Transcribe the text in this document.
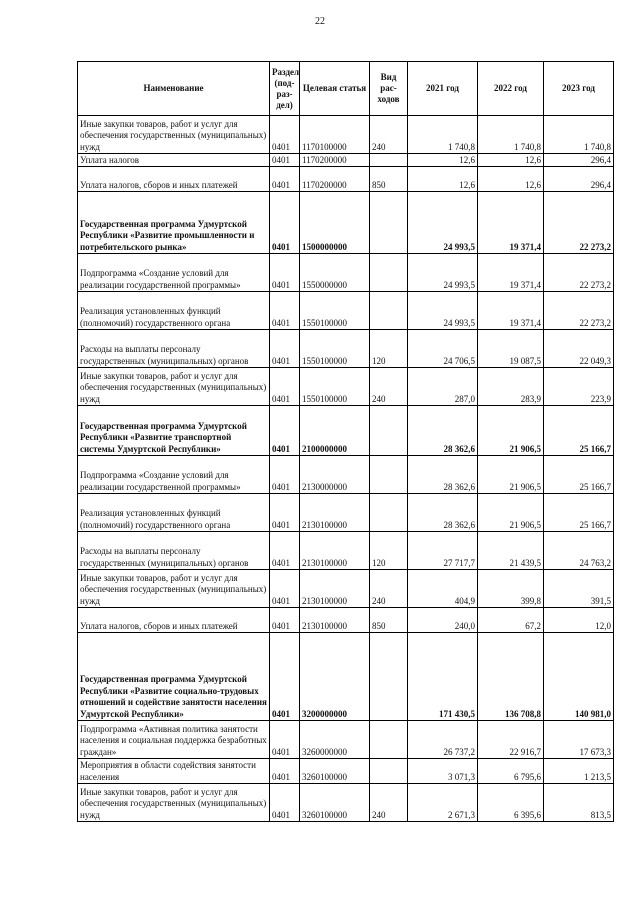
22
Наименование	Раздел (под-раз-дел)	Целевая статья	Вид рас-ходов	2021 год	2022 год	2023 год
Иные закупки товаров, работ и услуг для обеспечения государственных (муниципальных) нужд	0401	1170100000	240	1 740,8	1 740,8	1 740,8
Уплата налогов	0401	1170200000		12,6	12,6	296,4
Уплата налогов, сборов и иных платежей	0401	1170200000	850	12,6	12,6	296,4
Государственная программа Удмуртской Республики «Развитие промышленности и потребительского рынка»	0401	1500000000		24 993,5	19 371,4	22 273,2
Подпрограмма «Создание условий для реализации государственной программы»	0401	1550000000		24 993,5	19 371,4	22 273,2
Реализация установленных функций (полномочий) государственного органа	0401	1550100000		24 993,5	19 371,4	22 273,2
Расходы на выплаты персоналу государственных (муниципальных) органов	0401	1550100000	120	24 706,5	19 087,5	22 049,3
Иные закупки товаров, работ и услуг для обеспечения государственных (муниципальных) нужд	0401	1550100000	240	287,0	283,9	223,9
Государственная программа Удмуртской Республики «Развитие транспортной системы Удмуртской Республики»	0401	2100000000		28 362,6	21 906,5	25 166,7
Подпрограмма «Создание условий для реализации государственной программы»	0401	2130000000		28 362,6	21 906,5	25 166,7
Реализация установленных функций (полномочий) государственного органа	0401	2130100000		28 362,6	21 906,5	25 166,7
Расходы на выплаты персоналу государственных (муниципальных) органов	0401	2130100000	120	27 717,7	21 439,5	24 763,2
Иные закупки товаров, работ и услуг для обеспечения государственных (муниципальных) нужд	0401	2130100000	240	404,9	399,8	391,5
Уплата налогов, сборов и иных платежей	0401	2130100000	850	240,0	67,2	12,0
Государственная программа Удмуртской Республики «Развитие социально-трудовых отношений и содействие занятости населения Удмуртской Республики»	0401	3200000000		171 430,5	136 708,8	140 981,0
Подпрограмма «Активная политика занятости населения и социальная поддержка безработных граждан»	0401	3260000000		26 737,2	22 916,7	17 673,3
Мероприятия в области содействия занятости населения	0401	3260100000		3 071,3	6 795,6	1 213,5
Иные закупки товаров, работ и услуг для обеспечения государственных (муниципальных) нужд	0401	3260100000	240	2 671,3	6 395,6	813,5
